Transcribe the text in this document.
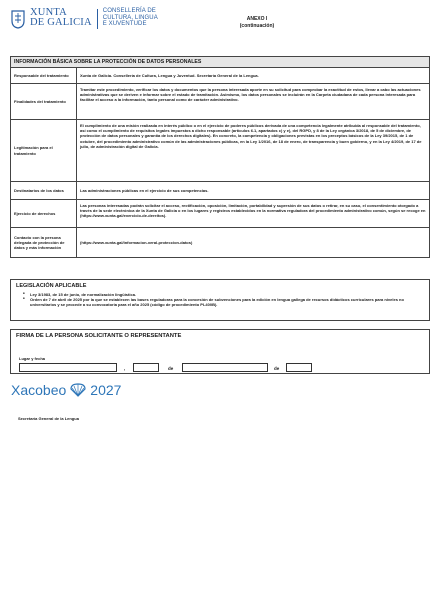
XUNTA
DE GALICIA
CONSELLERÍA DE
CULTURA, LINGUA
E XUVENTUDE
ANEXO I
(continuación)
INFORMACIÓN BÁSICA SOBRE LA PROTECCIÓN DE DATOS PERSONALES	
Responsable del tratamiento	Xunta de Galicia. Consellería de Cultura, Lengua y Juventud. Secretaría General de la Lengua.
Finalidades del tratamiento	Tramitar este procedimiento, verificar los datos y documentos que la persona interesada aporte en su solicitud para comprobar la exactitud de estos, llevar a cabo las actuaciones administrativas que se deriven e informar sobre el estado de tramitación. Asimismo, los datos personales se incluirán en la Carpeta ciudadana de cada persona interesada para facilitar el acceso a la información, tanto personal como de carácter administrativo.
Legitimación para el tratamiento	El cumplimiento de una misión realizada en interés público o en el ejercicio de poderes públicos derivada de una competencia legalmente atribuida al responsable del tratamiento, así como el cumplimiento de requisitos legales impuestos a dicho responsable (artículos 6.1, apartados c) y e), del RGPD, y 8 de la Ley orgánica 3/2018, de 5 de diciembre, de protección de datos personales y garantía de los derechos digitales). En concreto, la competencia y obligaciones previstas en los preceptos básicos de la Ley 39/2015, de 1 de octubre, del procedimiento administrativo común de las administraciones públicas, en la Ley 1/2016, de 18 de enero, de transparencia y buen gobierno, y en la Ley 4/2019, de 17 de julio, de administración digital de Galicia.
Destinatarios de los datos	Las administraciones públicas en el ejercicio de sus competencias.
Ejercicio de derechos	Las personas interesadas podrán solicitar el acceso, rectificación, oposición, limitación, portabilidad y supresión de sus datos o retirar, en su caso, el consentimiento otorgado a través de la sede electrónica de la Xunta de Galicia o en los lugares y registros establecidos en la normativa reguladora del procedimiento administrativo común, según se recoge en (https://www.xunta.gal/exercicio-de-dereitos).
Contacto con la persona delegada de protección de datos y más información	(https://www.xunta.gal/informacion-xeral-proteccion-datos)
LEGISLACIÓN APLICABLE
• Ley 3/1983, de 15 de junio, de normalización lingüística.
• Orden de 7 de abril de 2025 por la que se establecen las bases reguladoras para la concesión de subvenciones para la edición en lengua gallega de recursos didácticos curriculares para niveles no universitarios y se procede a su convocatoria para el año 2025 (código de procedimiento PL400B).
FIRMA DE LA PERSONA SOLICITANTE O REPRESENTANTE
Lugar y fecha
,	de	de
Xacobeo 2027
Secretaría General de la Lengua
